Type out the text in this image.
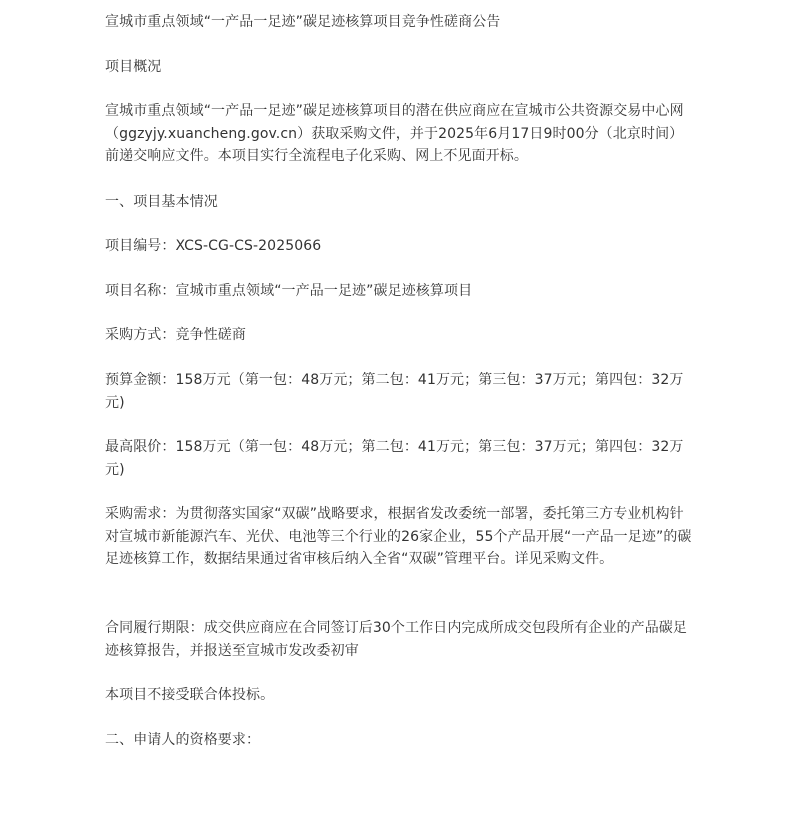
宣城市重点领域“一产品一足迹”碳足迹核算项目竞争性磋商公告

项目概况

宣城市重点领域“一产品一足迹”碳足迹核算项目的潜在供应商应在宣城市公共资源交易中心网（ggzyjy.xuancheng.gov.cn）获取采购文件，并于2025年6月17日9时00分（北京时间）前递交响应文件。本项目实行全流程电子化采购、网上不见面开标。

一、项目基本情况

项目编号：XCS-CG-CS-2025066

项目名称：宣城市重点领域“一产品一足迹”碳足迹核算项目

采购方式：竞争性磋商

预算金额：158万元（第一包：48万元；第二包：41万元；第三包：37万元；第四包：32万元)

最高限价：158万元（第一包：48万元；第二包：41万元；第三包：37万元；第四包：32万元)

采购需求：为贯彻落实国家“双碳”战略要求，根据省发改委统一部署，委托第三方专业机构针对宣城市新能源汽车、光伏、电池等三个行业的26家企业，55个产品开展“一产品一足迹”的碳足迹核算工作，数据结果通过省审核后纳入全省“双碳”管理平台。详见采购文件。

合同履行期限：成交供应商应在合同签订后30个工作日内完成所成交包段所有企业的产品碳足迹核算报告，并报送至宣城市发改委初审

本项目不接受联合体投标。

二、申请人的资格要求：
